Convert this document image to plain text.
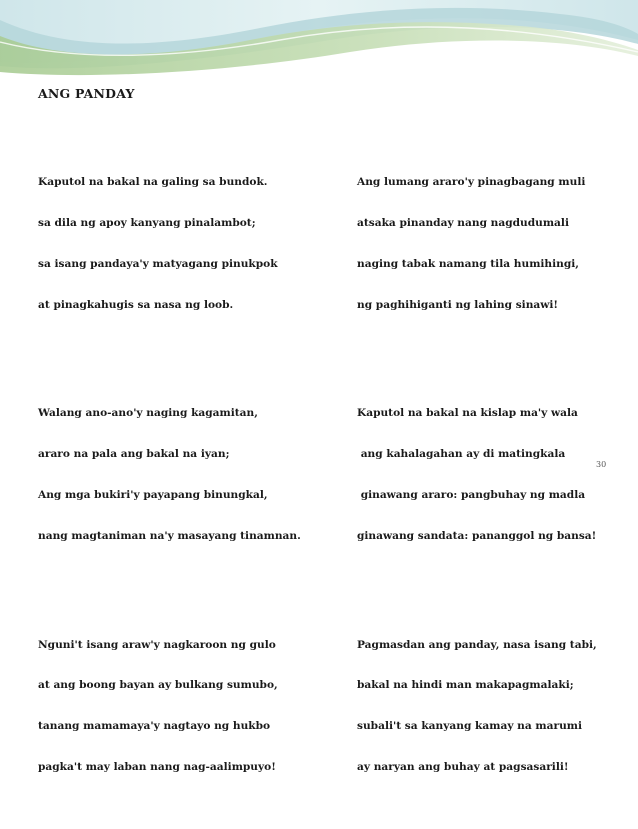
ANG PANDAY

Kaputol na bakal na galing sa bundok.

sa dila ng apoy kanyang pinalambot;

sa isang pandaya'y matyagang pinukpok

at pinagkahugis sa nasa ng loob.

Walang ano-ano'y naging kagamitan,

araro na pala ang bakal na iyan;

Ang mga bukiri'y payapang binungkal,

nang magtaniman na'y masayang tinamnan.

Nguni't isang araw'y nagkaroon ng gulo

at ang boong bayan ay bulkang sumubo,

tanang mamamaya'y nagtayo ng hukbo

pagka't may laban nang nag-aalimpuyo!

Ang lumang araro'y pinagbagang muli

atsaka pinanday nang nagdudumali

naging tabak namang tila humihingi,

ng paghihiganti ng lahing sinawi!

Kaputol na bakal na kislap ma'y wala

ang kahalagahan ay di matingkala

ginawang araro: pangbuhay ng madla

ginawang sandata: pananggol ng bansa!

Pagmasdan ang panday, nasa isang tabi,

bakal na hindi man makapagmalaki;

subali't sa kanyang kamay na marumi

ay naryan ang buhay at pagsasarili!

30
